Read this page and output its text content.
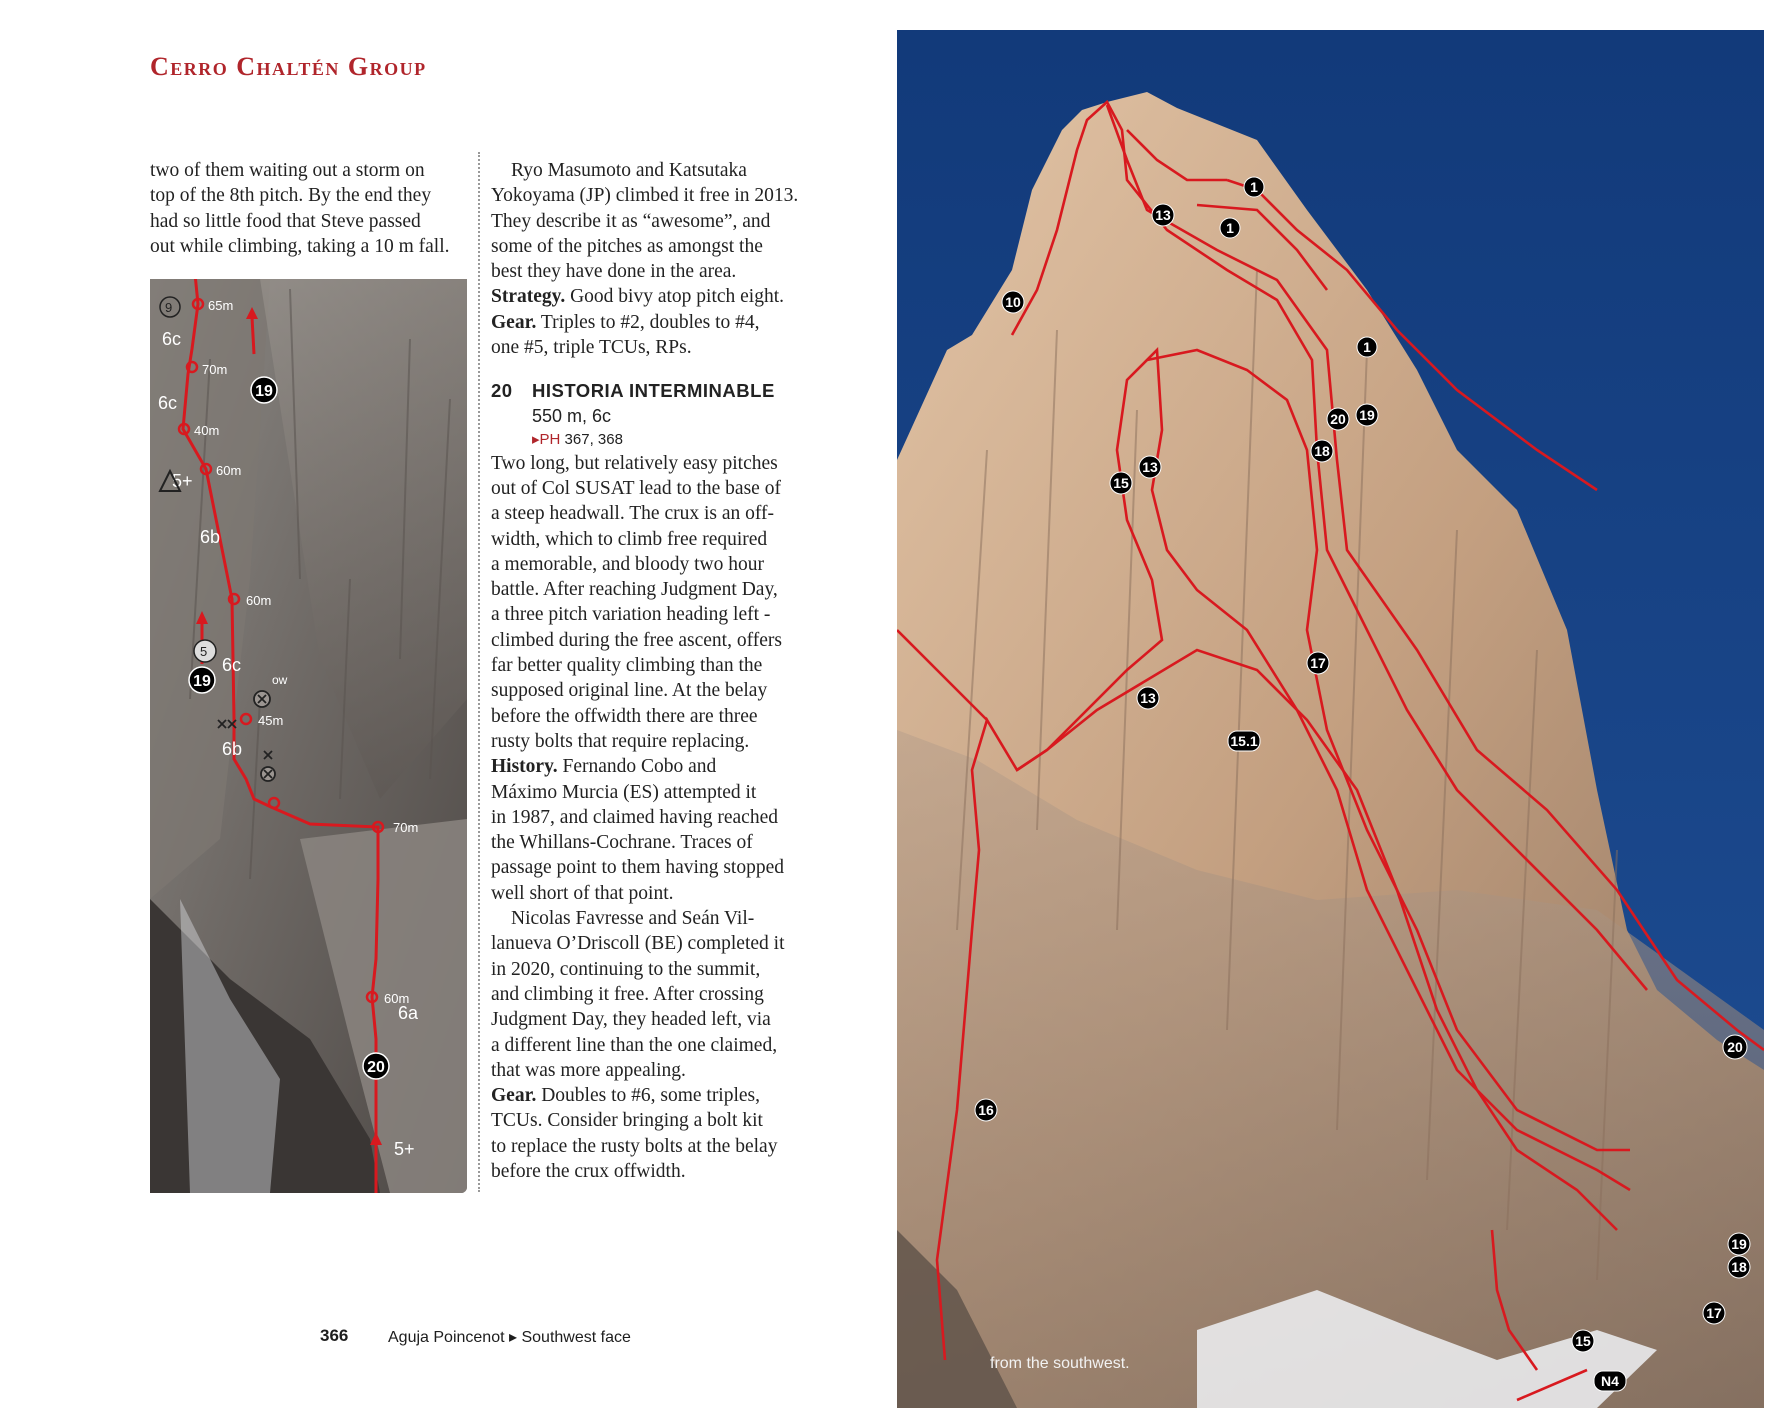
Cerro Chaltén Group
two of them waiting out a storm on
top of the 8th pitch. By the end they
had so little food that Steve passed
out while climbing, taking a 10 m fall.
65m
70m
40m
60m
60m
45m
70m
60m
6c
6c
5+
6b
6c
6b
6a
5+
ow
9
5
19
19
20

Ryo Masumoto and Katsutaka

Yokoyama (JP) climbed it free in 2013.

They describe it as “awesome”, and

some of the pitches as amongst the

best they have done in the area.

Strategy. Good bivy atop pitch eight.

Gear. Triples to #2, doubles to #4,

one #5, triple TCUs, RPs.

20 HISTORIA INTERMINABLE
550 m, 6c
▸PH 367, 368

Two long, but relatively easy pitches

out of Col SUSAT lead to the base of

a steep headwall. The crux is an off-

width, which to climb free required

a memorable, and bloody two hour

battle. After reaching Judgment Day,

a three pitch variation heading left -

climbed during the free ascent, offers

far better quality climbing than the

supposed original line. At the belay

before the offwidth there are three

rusty bolts that require replacing.

History. Fernando Cobo and

Máximo Murcia (ES) attempted it

in 1987, and claimed having reached

the Whillans-Cochrane. Traces of

passage point to them having stopped

well short of that point.

Nicolas Favresse and Seán Vil-

lanueva O’Driscoll (BE) completed it

in 2020, continuing to the summit,

and climbing it free. After crossing

Judgment Day, they headed left, via

a different line than the one claimed,

that was more appealing.

Gear. Doubles to #6, some triples,

TCUs. Consider bringing a bolt kit

to replace the rusty bolts at the belay

before the crux offwidth.

1
1
1
13
13
13
10
15
15.1
16
17
18
19
20
20
19
18
17
15
N4
from the southwest.
366 Aguja Poincenot ▸ Southwest face
